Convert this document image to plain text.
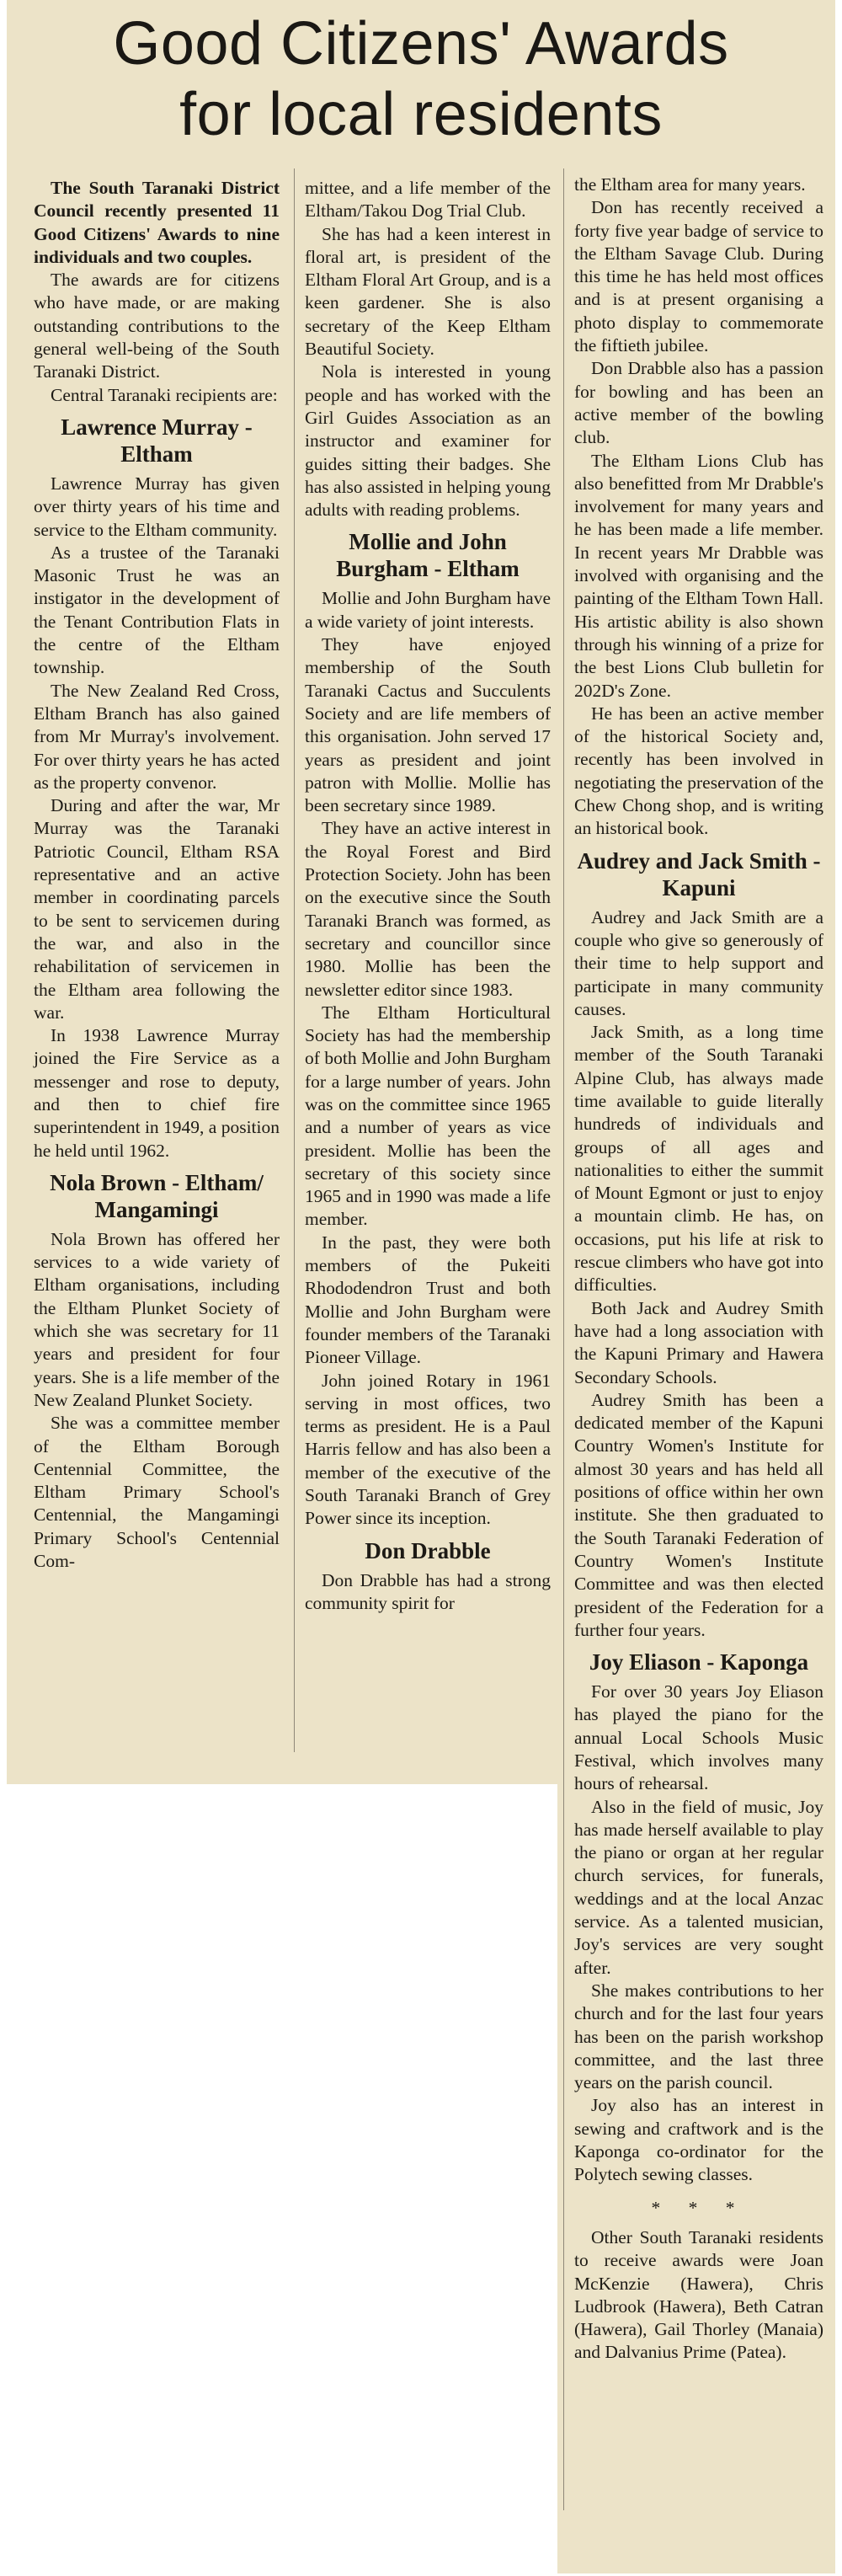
Good Citizens' Awards
for local residents

The South Taranaki District Council recently presented 11 Good Citizens' Awards to nine individuals and two couples.

The awards are for citizens who have made, or are making outstanding contributions to the general well-being of the South Taranaki District.

Central Taranaki recipients are:

Lawrence Murray - Eltham

Lawrence Murray has given over thirty years of his time and service to the Eltham community.

As a trustee of the Taranaki Masonic Trust he was an instigator in the development of the Tenant Contribution Flats in the centre of the Eltham township.

The New Zealand Red Cross, Eltham Branch has also gained from Mr Murray's involvement. For over thirty years he has acted as the property convenor.

During and after the war, Mr Murray was the Taranaki Patriotic Council, Eltham RSA representative and an active member in coordinating parcels to be sent to servicemen during the war, and also in the rehabilitation of servicemen in the Eltham area following the war.

In 1938 Lawrence Murray joined the Fire Service as a messenger and rose to deputy, and then to chief fire superintendent in 1949, a position he held until 1962.

Nola Brown - Eltham/ Mangamingi

Nola Brown has offered her services to a wide variety of Eltham organisations, including the Eltham Plunket Society of which she was secretary for 11 years and president for four years. She is a life member of the New Zealand Plunket Society.

She was a committee member of the Eltham Borough Centennial Committee, the Eltham Primary School's Centennial, the Mangamingi Primary School's Centennial Com-

mittee, and a life member of the Eltham/Takou Dog Trial Club.

She has had a keen interest in floral art, is president of the Eltham Floral Art Group, and is a keen gardener. She is also secretary of the Keep Eltham Beautiful Society.

Nola is interested in young people and has worked with the Girl Guides Association as an instructor and examiner for guides sitting their badges. She has also assisted in helping young adults with reading problems.

Mollie and John Burgham - Eltham

Mollie and John Burgham have a wide variety of joint interests.

They have enjoyed membership of the South Taranaki Cactus and Succulents Society and are life members of this organisation. John served 17 years as president and joint patron with Mollie. Mollie has been secretary since 1989.

They have an active interest in the Royal Forest and Bird Protection Society. John has been on the executive since the South Taranaki Branch was formed, as secretary and councillor since 1980. Mollie has been the newsletter editor since 1983.

The Eltham Horticultural Society has had the membership of both Mollie and John Burgham for a large number of years. John was on the committee since 1965 and a number of years as vice president. Mollie has been the secretary of this society since 1965 and in 1990 was made a life member.

In the past, they were both members of the Pukeiti Rhododendron Trust and both Mollie and John Burgham were founder members of the Taranaki Pioneer Village.

John joined Rotary in 1961 serving in most offices, two terms as president. He is a Paul Harris fellow and has also been a member of the executive of the South Taranaki Branch of Grey Power since its inception.

Don Drabble

Don Drabble has had a strong community spirit for

the Eltham area for many years.

Don has recently received a forty five year badge of service to the Eltham Savage Club. During this time he has held most offices and is at present organising a photo display to commemorate the fiftieth jubilee.

Don Drabble also has a passion for bowling and has been an active member of the bowling club.

The Eltham Lions Club has also benefitted from Mr Drabble's involvement for many years and he has been made a life member. In recent years Mr Drabble was involved with organising and the painting of the Eltham Town Hall. His artistic ability is also shown through his winning of a prize for the best Lions Club bulletin for 202D's Zone.

He has been an active member of the historical Society and, recently has been involved in negotiating the preservation of the Chew Chong shop, and is writing an historical book.

Audrey and Jack Smith - Kapuni

Audrey and Jack Smith are a couple who give so generously of their time to help support and participate in many community causes.

Jack Smith, as a long time member of the South Taranaki Alpine Club, has always made time available to guide literally hundreds of individuals and groups of all ages and nationalities to either the summit of Mount Egmont or just to enjoy a mountain climb. He has, on occasions, put his life at risk to rescue climbers who have got into difficulties.

Both Jack and Audrey Smith have had a long association with the Kapuni Primary and Hawera Secondary Schools.

Audrey Smith has been a dedicated member of the Kapuni Country Women's Institute for almost 30 years and has held all positions of office within her own institute. She then graduated to the South Taranaki Federation of Country Women's Institute Committee and was then elected president of the Federation for a further four years.

Joy Eliason - Kaponga

For over 30 years Joy Eliason has played the piano for the annual Local Schools Music Festival, which involves many hours of rehearsal.

Also in the field of music, Joy has made herself available to play the piano or organ at her regular church services, for funerals, weddings and at the local Anzac service. As a talented musician, Joy's services are very sought after.

She makes contributions to her church and for the last four years has been on the parish workshop committee, and the last three years on the parish council.

Joy also has an interest in sewing and craftwork and is the Kaponga co-ordinator for the Polytech sewing classes.

* * *

Other South Taranaki residents to receive awards were Joan McKenzie (Hawera), Chris Ludbrook (Hawera), Beth Catran (Hawera), Gail Thorley (Manaia) and Dalvanius Prime (Patea).
